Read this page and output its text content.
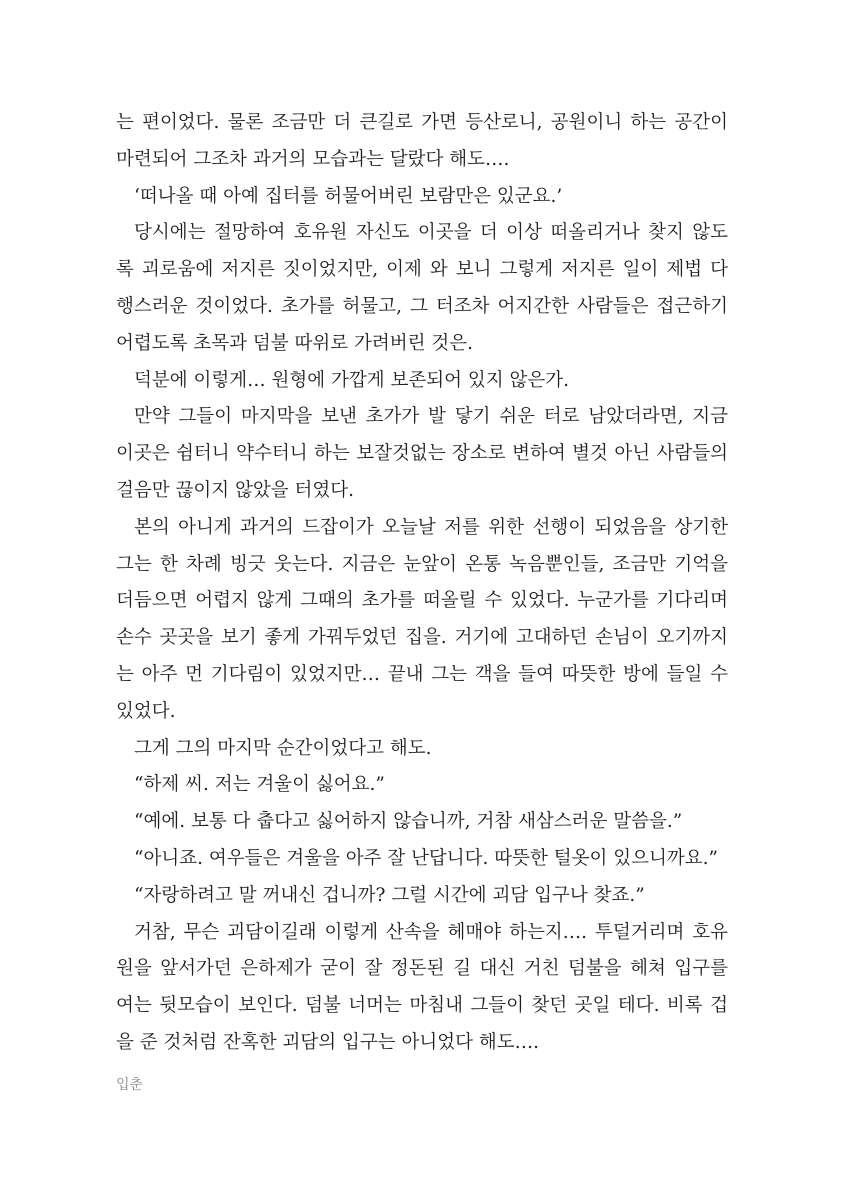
는 편이었다. 물론 조금만 더 큰길로 가면 등산로니, 공원이니 하는 공간이
마련되어 그조차 과거의 모습과는 달랐다 해도….
‘떠나올 때 아예 집터를 허물어버린 보람만은 있군요.’
당시에는 절망하여 호유원 자신도 이곳을 더 이상 떠올리거나 찾지 않도
록 괴로움에 저지른 짓이었지만, 이제 와 보니 그렇게 저지른 일이 제법 다
행스러운 것이었다. 초가를 허물고, 그 터조차 어지간한 사람들은 접근하기
어렵도록 초목과 덤불 따위로 가려버린 것은.
덕분에 이렇게… 원형에 가깝게 보존되어 있지 않은가.
만약 그들이 마지막을 보낸 초가가 발 닿기 쉬운 터로 남았더라면, 지금
이곳은 쉼터니 약수터니 하는 보잘것없는 장소로 변하여 별것 아닌 사람들의
걸음만 끊이지 않았을 터였다.
본의 아니게 과거의 드잡이가 오늘날 저를 위한 선행이 되었음을 상기한
그는 한 차례 빙긋 웃는다. 지금은 눈앞이 온통 녹음뿐인들, 조금만 기억을
더듬으면 어렵지 않게 그때의 초가를 떠올릴 수 있었다. 누군가를 기다리며
손수 곳곳을 보기 좋게 가꿔두었던 집을. 거기에 고대하던 손님이 오기까지
는 아주 먼 기다림이 있었지만… 끝내 그는 객을 들여 따뜻한 방에 들일 수
있었다.
그게 그의 마지막 순간이었다고 해도.
“하제 씨. 저는 겨울이 싫어요.”
“예에. 보통 다 춥다고 싫어하지 않습니까, 거참 새삼스러운 말씀을.”
“아니죠. 여우들은 겨울을 아주 잘 난답니다. 따뜻한 털옷이 있으니까요.”
“자랑하려고 말 꺼내신 겁니까? 그럴 시간에 괴담 입구나 찾죠.”
거참, 무슨 괴담이길래 이렇게 산속을 헤매야 하는지…. 투덜거리며 호유
원을 앞서가던 은하제가 굳이 잘 정돈된 길 대신 거친 덤불을 헤쳐 입구를
여는 뒷모습이 보인다. 덤불 너머는 마침내 그들이 찾던 곳일 테다. 비록 겁
을 준 것처럼 잔혹한 괴담의 입구는 아니었다 해도….
입춘
